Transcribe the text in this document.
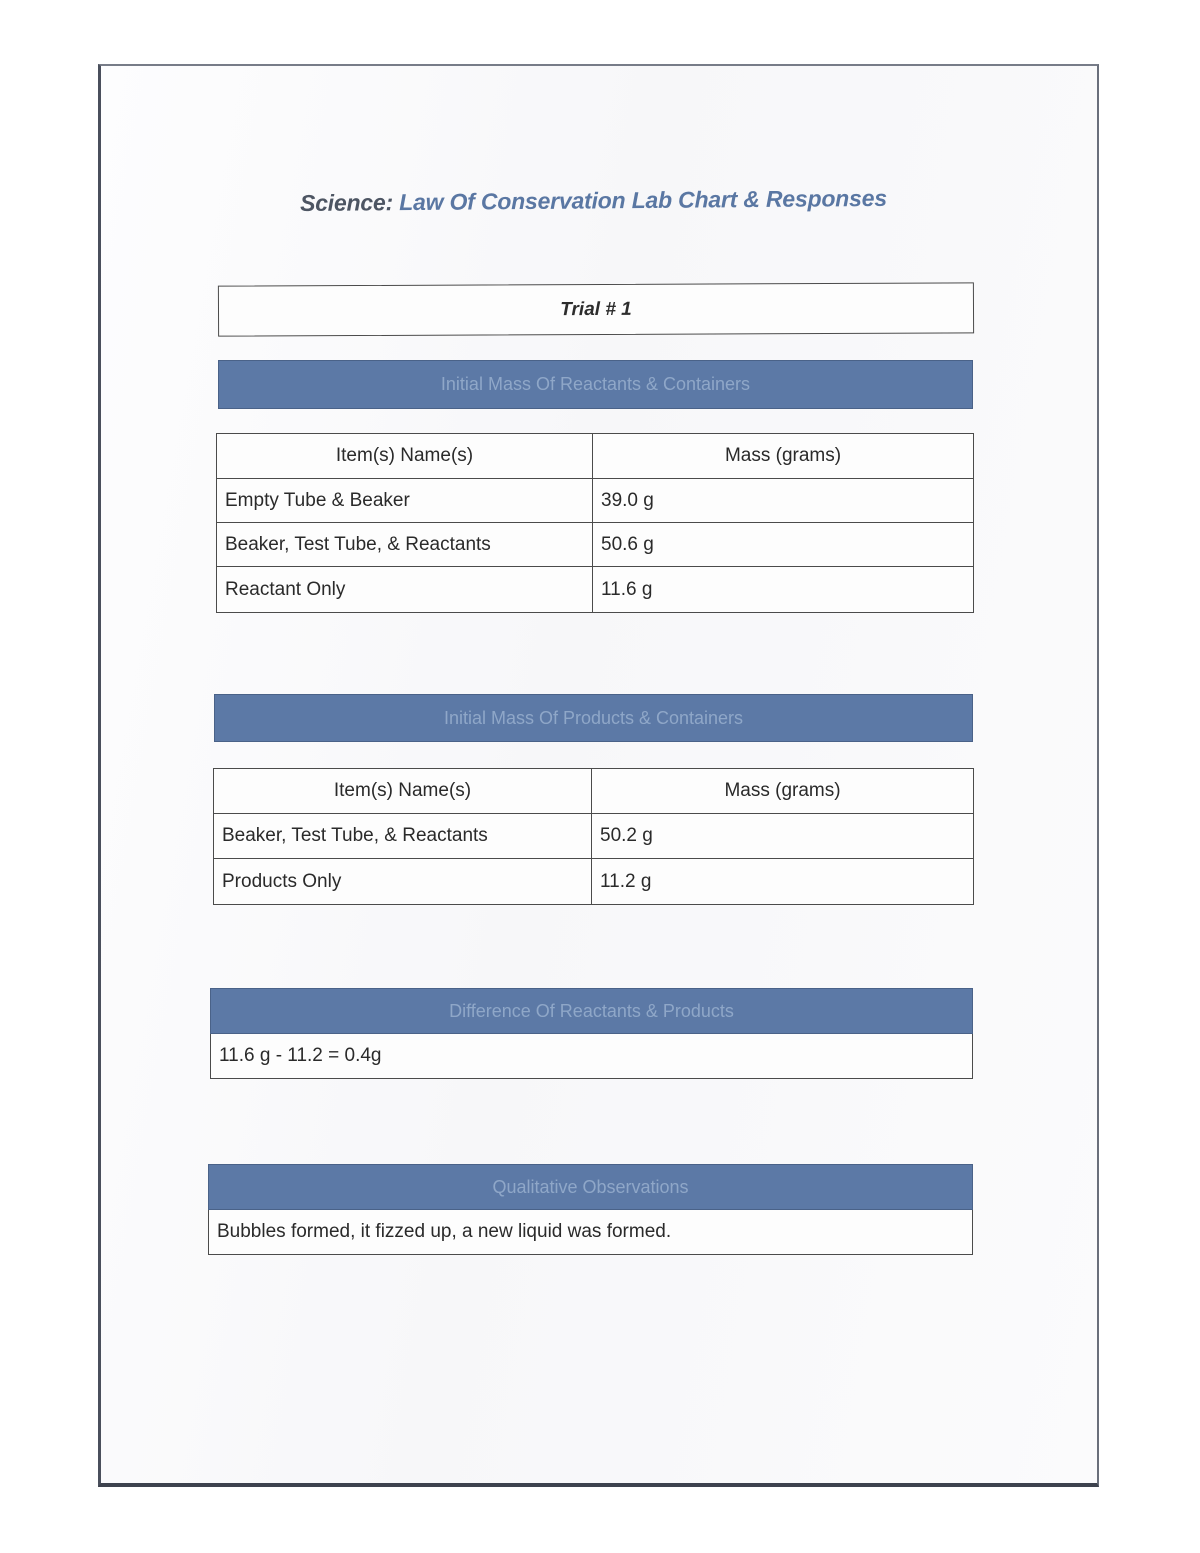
Science: Law Of Conservation Lab Chart & Responses
Trial # 1
Initial Mass Of Reactants & Containers
Item(s) Name(s)	Mass (grams)
Empty Tube & Beaker	39.0 g
Beaker, Test Tube, & Reactants	50.6 g
Reactant Only	11.6 g
Initial Mass Of Products & Containers
Item(s) Name(s)	Mass (grams)
Beaker, Test Tube, & Reactants	50.2 g
Products Only	11.2 g
Difference Of Reactants & Products
11.6 g - 11.2 = 0.4g
Qualitative Observations
Bubbles formed, it fizzed up, a new liquid was formed.
